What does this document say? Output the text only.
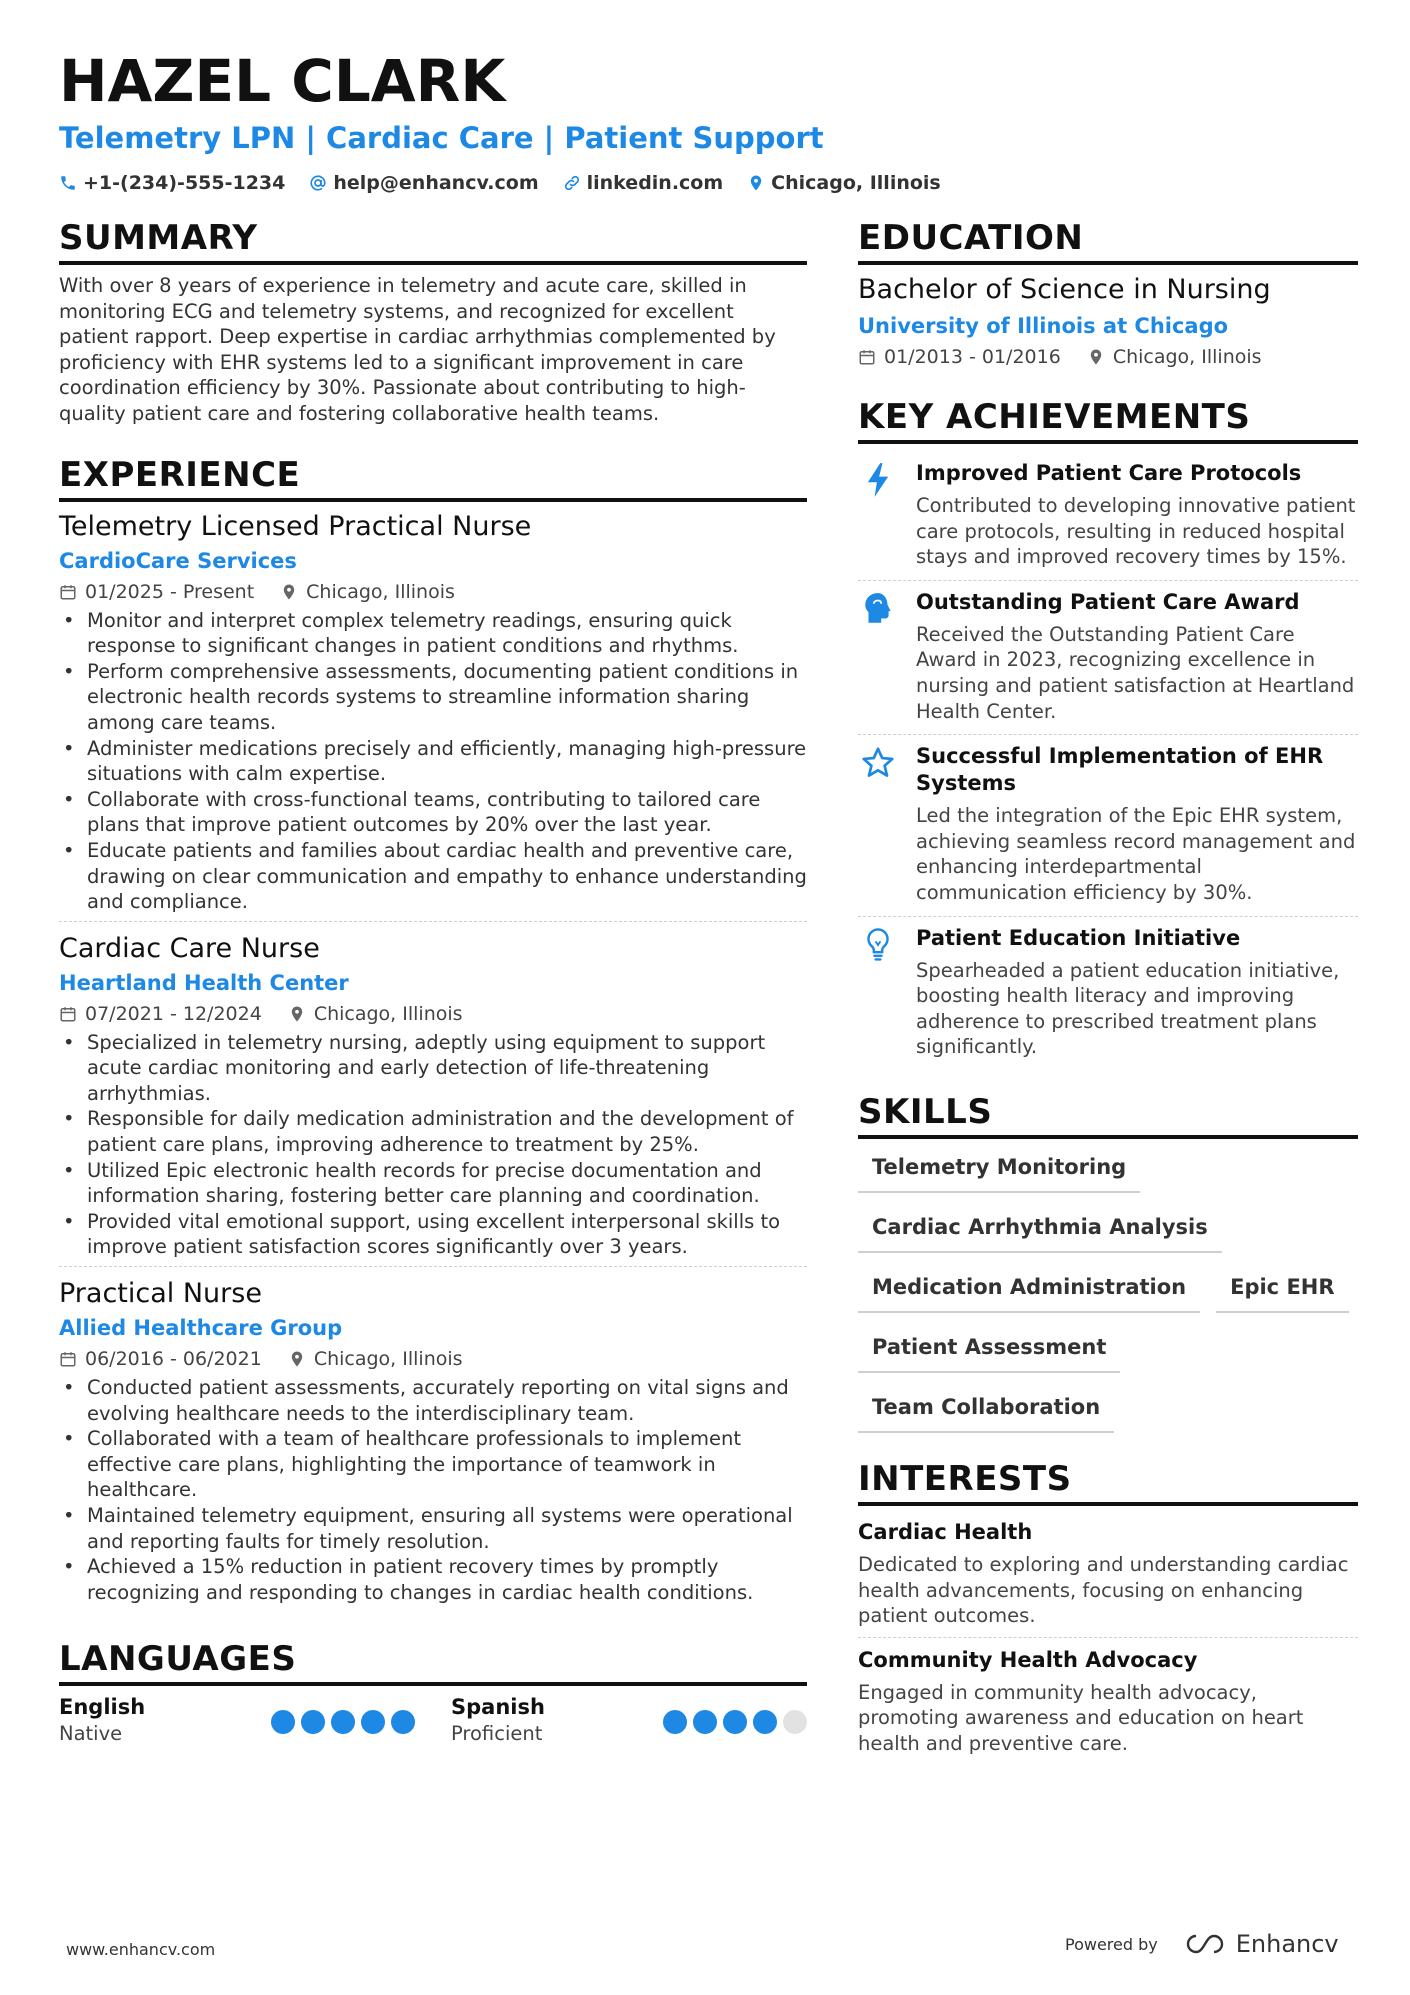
HAZEL CLARK
Telemetry LPN | Cardiac Care | Patient Support
+1-(234)-555-1234	help@enhancv.com	linkedin.com	Chicago, Illinois
SUMMARY

With over 8 years of experience in telemetry and acute care, skilled in monitoring ECG and telemetry systems, and recognized for excellent patient rapport. Deep expertise in cardiac arrhythmias complemented by proficiency with EHR systems led to a significant improvement in care coordination efficiency by 30%. Passionate about contributing to high-quality patient care and fostering collaborative health teams.

EXPERIENCE
Telemetry Licensed Practical Nurse
CardioCare Services
01/2025 - Present	Chicago, Illinois
• Monitor and interpret complex telemetry readings, ensuring quick response to significant changes in patient conditions and rhythms.
• Perform comprehensive assessments, documenting patient conditions in electronic health records systems to streamline information sharing among care teams.
• Administer medications precisely and efficiently, managing high-pressure situations with calm expertise.
• Collaborate with cross-functional teams, contributing to tailored care plans that improve patient outcomes by 20% over the last year.
• Educate patients and families about cardiac health and preventive care, drawing on clear communication and empathy to enhance understanding and compliance.
Cardiac Care Nurse
Heartland Health Center
07/2021 - 12/2024	Chicago, Illinois
• Specialized in telemetry nursing, adeptly using equipment to support acute cardiac monitoring and early detection of life-threatening arrhythmias.
• Responsible for daily medication administration and the development of patient care plans, improving adherence to treatment by 25%.
• Utilized Epic electronic health records for precise documentation and information sharing, fostering better care planning and coordination.
• Provided vital emotional support, using excellent interpersonal skills to improve patient satisfaction scores significantly over 3 years.
Practical Nurse
Allied Healthcare Group
06/2016 - 06/2021	Chicago, Illinois
• Conducted patient assessments, accurately reporting on vital signs and evolving healthcare needs to the interdisciplinary team.
• Collaborated with a team of healthcare professionals to implement effective care plans, highlighting the importance of teamwork in healthcare.
• Maintained telemetry equipment, ensuring all systems were operational and reporting faults for timely resolution.
• Achieved a 15% reduction in patient recovery times by promptly recognizing and responding to changes in cardiac health conditions.
LANGUAGES
English
Native
Spanish
Proficient
EDUCATION
Bachelor of Science in Nursing
University of Illinois at Chicago
01/2013 - 01/2016	Chicago, Illinois
KEY ACHIEVEMENTS
Improved Patient Care Protocols
Contributed to developing innovative patient care protocols, resulting in reduced hospital stays and improved recovery times by 15%.
Outstanding Patient Care Award
Received the Outstanding Patient Care Award in 2023, recognizing excellence in nursing and patient satisfaction at Heartland Health Center.
Successful Implementation of EHR Systems
Led the integration of the Epic EHR system, achieving seamless record management and enhancing interdepartmental communication efficiency by 30%.
Patient Education Initiative
Spearheaded a patient education initiative, boosting health literacy and improving adherence to prescribed treatment plans significantly.
SKILLS
Telemetry Monitoring
Cardiac Arrhythmia Analysis
Medication Administration	Epic EHR
Patient Assessment
Team Collaboration
INTERESTS
Cardiac Health
Dedicated to exploring and understanding cardiac health advancements, focusing on enhancing patient outcomes.
Community Health Advocacy
Engaged in community health advocacy, promoting awareness and education on heart health and preventive care.
www.enhancv.com	Powered by	Enhancv
